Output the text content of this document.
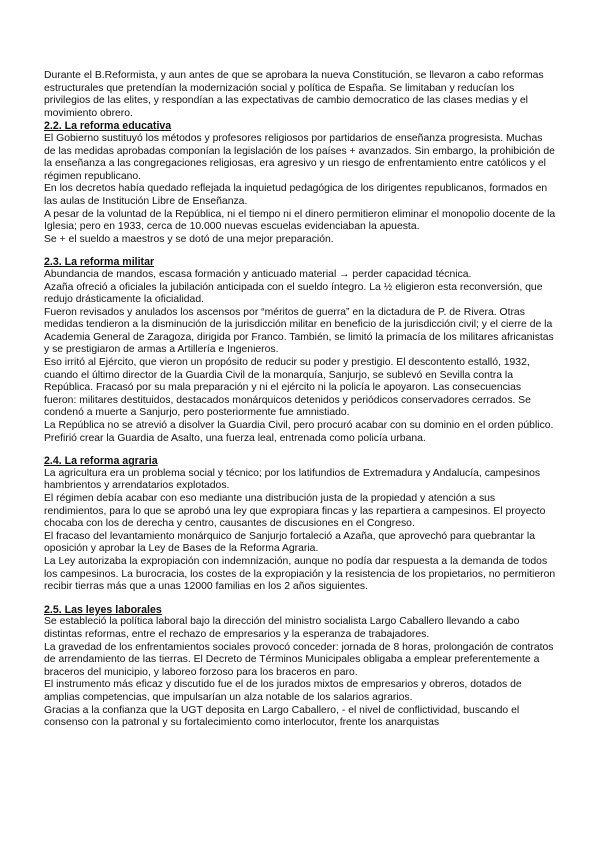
Durante el B.Reformista, y aun antes de que se aprobara la nueva Constitución, se llevaron a cabo reformas estructurales que pretendían la modernización social y política de España. Se limitaban y reducían los privilegios de las elites, y respondían a las expectativas de cambio democratico de las clases medias y el movimiento obrero.

2.2. La reforma educativa

El Gobierno sustituyó los métodos y profesores religiosos por partidarios de enseñanza progresista. Muchas de las medidas aprobadas componían la legislación de los países + avanzados. Sin embargo, la prohibición de la enseñanza a las congregaciones religiosas, era agresivo y un riesgo de enfrentamiento entre católicos y el régimen republicano.

En los decretos había quedado reflejada la inquietud pedagógica de los dirigentes republicanos, formados en las aulas de Institución Libre de Enseñanza.

A pesar de la voluntad de la República, ni el tiempo ni el dinero permitieron eliminar el monopolio docente de la Iglesia; pero en 1933, cerca de 10.000 nuevas escuelas evidenciaban la apuesta.

Se + el sueldo a maestros y se dotó de una mejor preparación.

2.3. La reforma militar

Abundancia de mandos, escasa formación y anticuado material → perder capacidad técnica.

Azaña ofreció a oficiales la jubilación anticipada con el sueldo íntegro. La ½ eligieron esta reconversión, que redujo drásticamente la oficialidad.

Fueron revisados y anulados los ascensos por “méritos de guerra” en la dictadura de P. de Rivera. Otras medidas tendieron a la disminución de la jurisdicción militar en beneficio de la jurisdicción civil; y el cierre de la Academia General de Zaragoza, dirigida por Franco. También, se limitó la primacía de los militares africanistas y se prestigiaron de armas a Artillería e Ingenieros.

Eso irritó al Ejército, que vieron un propósito de reducir su poder y prestigio. El descontento estalló, 1932, cuando el último director de la Guardia Civil de la monarquía, Sanjurjo, se sublevó en Sevilla contra la República. Fracasó por su mala preparación y ni el ejército ni la policía le apoyaron. Las consecuencias fueron: militares destituidos, destacados monárquicos detenidos y periódicos conservadores cerrados. Se condenó a muerte a Sanjurjo, pero posteriormente fue amnistiado.

La República no se atrevió a disolver la Guardia Civil, pero procuró acabar con su dominio en el orden público. Prefirió crear la Guardia de Asalto, una fuerza leal, entrenada como policía urbana.

2.4. La reforma agraria

La agricultura era un problema social y técnico; por los latifundios de Extremadura y Andalucía, campesinos hambrientos y arrendatarios explotados.

El régimen debía acabar con eso mediante una distribución justa de la propiedad y atención a sus rendimientos, para lo que se aprobó una ley que expropiara fincas y las repartiera a campesinos. El proyecto chocaba con los de derecha y centro, causantes de discusiones en el Congreso.

El fracaso del levantamiento monárquico de Sanjurjo fortaleció a Azaña, que aprovechó para quebrantar la oposición y aprobar la Ley de Bases de la Reforma Agraria.

La Ley autorizaba la expropiación con indemnización, aunque no podía dar respuesta a la demanda de todos los campesinos. La burocracia, los costes de la expropiación y la resistencia de los propietarios, no permitieron recibir tierras más que a unas 12000 familias en los 2 años siguientes.

2.5. Las leyes laborales

Se estableció la política laboral bajo la dirección del ministro socialista Largo Caballero llevando a cabo distintas reformas, entre el rechazo de empresarios y la esperanza de trabajadores.

La gravedad de los enfrentamientos sociales provocó conceder: jornada de 8 horas, prolongación de contratos de arrendamiento de las tierras. El Decreto de Términos Municipales obligaba a emplear preferentemente a braceros del municipio, y laboreo forzoso para los braceros en paro.

El instrumento más eficaz y discutido fue el de los jurados mixtos de empresarios y obreros, dotados de amplias competencias, que impulsarían un alza notable de los salarios agrarios.

Gracias a la confianza que la UGT deposita en Largo Caballero, - el nivel de conflictividad, buscando el consenso con la patronal y su fortalecimiento como interlocutor, frente los anarquistas
